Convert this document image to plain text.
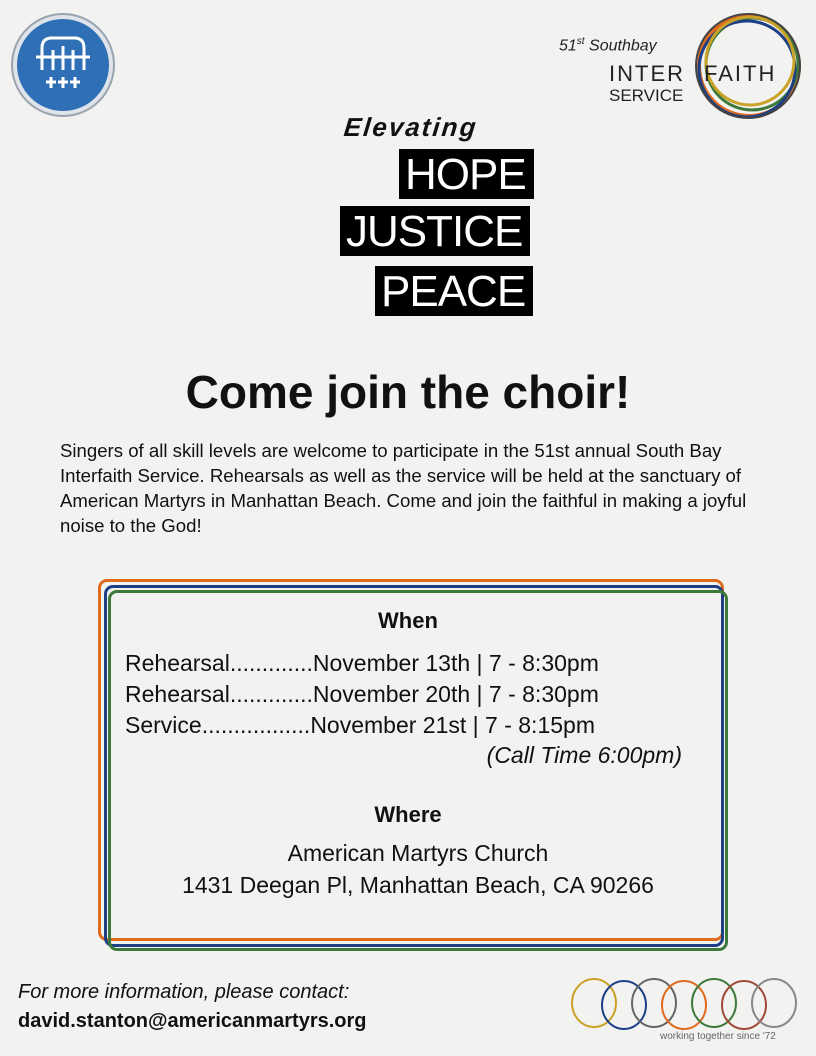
51st Southbay
INTER FAITH
SERVICE
Elevating
HOPE
JUSTICE
PEACE
Come join the choir!
Singers of all skill levels are welcome to participate in the 51st annual South Bay Interfaith Service. Rehearsals as well as the service will be held at the sanctuary of American Martyrs in Manhattan Beach. Come and join the faithful in making a joyful noise to the God!
When
Rehearsal.............November 13th | 7 - 8:30pm
Rehearsal.............November 20th | 7 - 8:30pm
Service.................November 21st | 7 - 8:15pm
(Call Time 6:00pm)
Where
American Martyrs Church
1431 Deegan Pl, Manhattan Beach, CA 90266
For more information, please contact:
david.stanton@americanmartyrs.org
working together since '72
